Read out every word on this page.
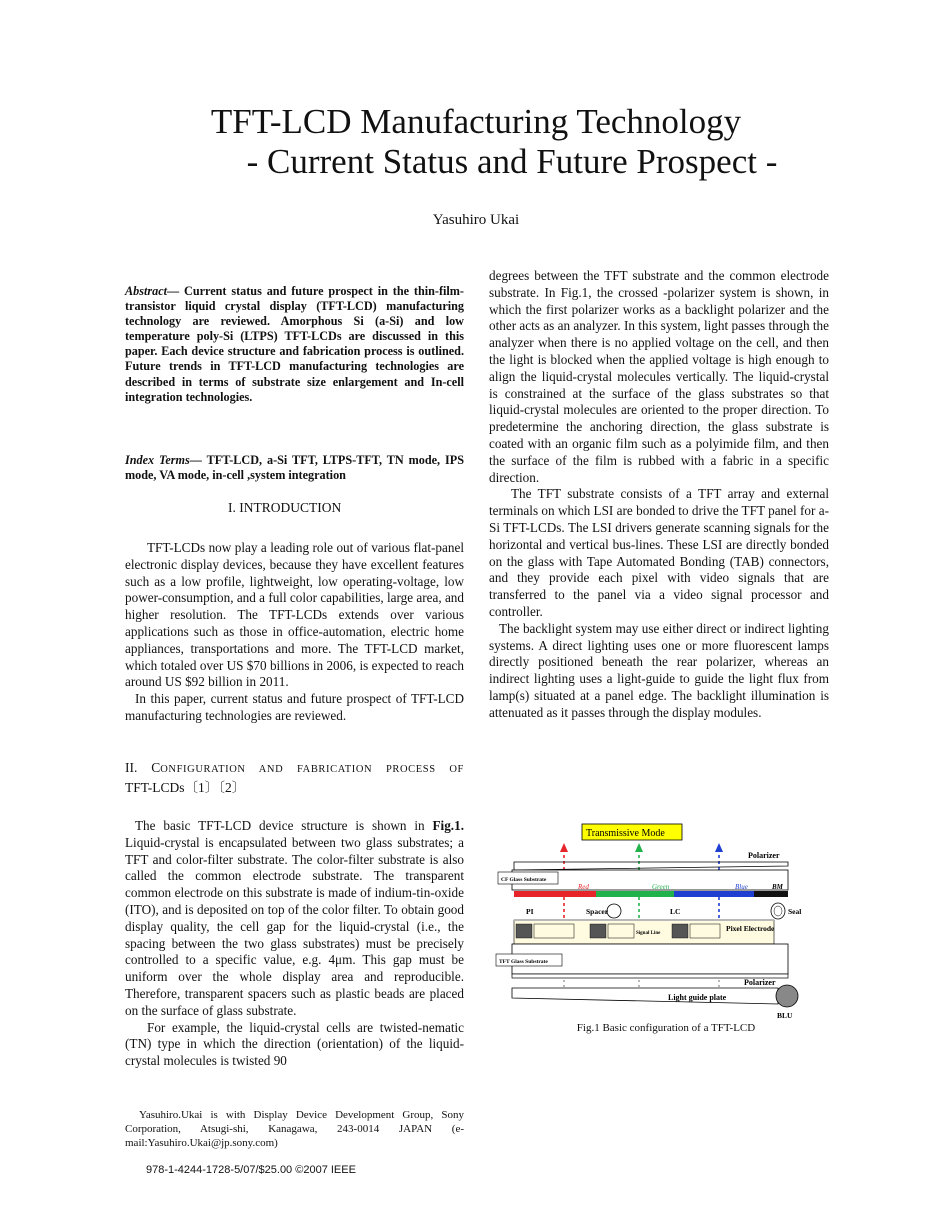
TFT-LCD Manufacturing Technology
- Current Status and Future Prospect -
Yasuhiro Ukai
Abstract— Current status and future prospect in the thin-film-transistor liquid crystal display (TFT-LCD) manufacturing technology are reviewed. Amorphous Si (a-Si) and low temperature poly-Si (LTPS) TFT-LCDs are discussed in this paper. Each device structure and fabrication process is outlined. Future trends in TFT-LCD manufacturing technologies are described in terms of substrate size enlargement and In-cell integration technologies.
Index Terms— TFT-LCD, a-Si TFT, LTPS-TFT, TN mode, IPS mode, VA mode, in-cell ,system integration
I. INTRODUCTION

TFT-LCDs now play a leading role out of various flat-panel electronic display devices, because they have excellent features such as a low profile, lightweight, low operating-voltage, low power-consumption, and a full color capabilities, large area, and higher resolution. The TFT-LCDs extends over various applications such as those in office-automation, electric home appliances, transportations and more. The TFT-LCD market, which totaled over US $70 billions in 2006, is expected to reach around US $92 billion in 2011.

In this paper, current status and future prospect of TFT-LCD manufacturing technologies are reviewed.

II. CONFIGURATION AND FABRICATION PROCESS OF
TFT-LCDs〔1〕〔2〕

The basic TFT-LCD device structure is shown in Fig.1. Liquid-crystal is encapsulated between two glass substrates; a TFT and color-filter substrate. The color-filter substrate is also called the common electrode substrate. The transparent common electrode on this substrate is made of indium-tin-oxide (ITO), and is deposited on top of the color filter. To obtain good display quality, the cell gap for the liquid-crystal (i.e., the spacing between the two glass substrates) must be precisely controlled to a specific value, e.g. 4μm. This gap must be uniform over the whole display area and reproducible. Therefore, transparent spacers such as plastic beads are placed on the surface of glass substrate.

For example, the liquid-crystal cells are twisted-nematic (TN) type in which the direction (orientation) of the liquid-crystal molecules is twisted 90

Yasuhiro.Ukai is with Display Device Development Group, Sony Corporation, Atsugi-shi, Kanagawa, 243-0014 JAPAN (e-mail:Yasuhiro.Ukai@jp.sony.com)
978-1-4244-1728-5/07/$25.00 ©2007 IEEE

degrees between the TFT substrate and the common electrode substrate. In Fig.1, the crossed -polarizer system is shown, in which the first polarizer works as a backlight polarizer and the other acts as an analyzer. In this system, light passes through the analyzer when there is no applied voltage on the cell, and then the light is blocked when the applied voltage is high enough to align the liquid-crystal molecules vertically. The liquid-crystal is constrained at the surface of the glass substrates so that liquid-crystal molecules are oriented to the proper direction. To predetermine the anchoring direction, the glass substrate is coated with an organic film such as a polyimide film, and then the surface of the film is rubbed with a fabric in a specific direction.

The TFT substrate consists of a TFT array and external terminals on which LSI are bonded to drive the TFT panel for a-Si TFT-LCDs. The LSI drivers generate scanning signals for the horizontal and vertical bus-lines. These LSI are directly bonded on the glass with Tape Automated Bonding (TAB) connectors, and they provide each pixel with video signals that are transferred to the panel via a video signal processor and controller.

The backlight system may use either direct or indirect lighting systems. A direct lighting uses one or more fluorescent lamps directly positioned beneath the rear polarizer, whereas an indirect lighting uses a light-guide to guide the light flux from lamp(s) situated at a panel edge. The backlight illumination is attenuated as it passes through the display modules.

Transmissive Mode
Polarizer
CF Glass Substrate
Red	Green	Blue	BM
PI	Spacer	LC	Seal
Signal Line
Pixel Electrode
TFT Glass Substrate
Polarizer
Light guide plate
BLU
Fig.1 Basic configuration of a TFT-LCD
